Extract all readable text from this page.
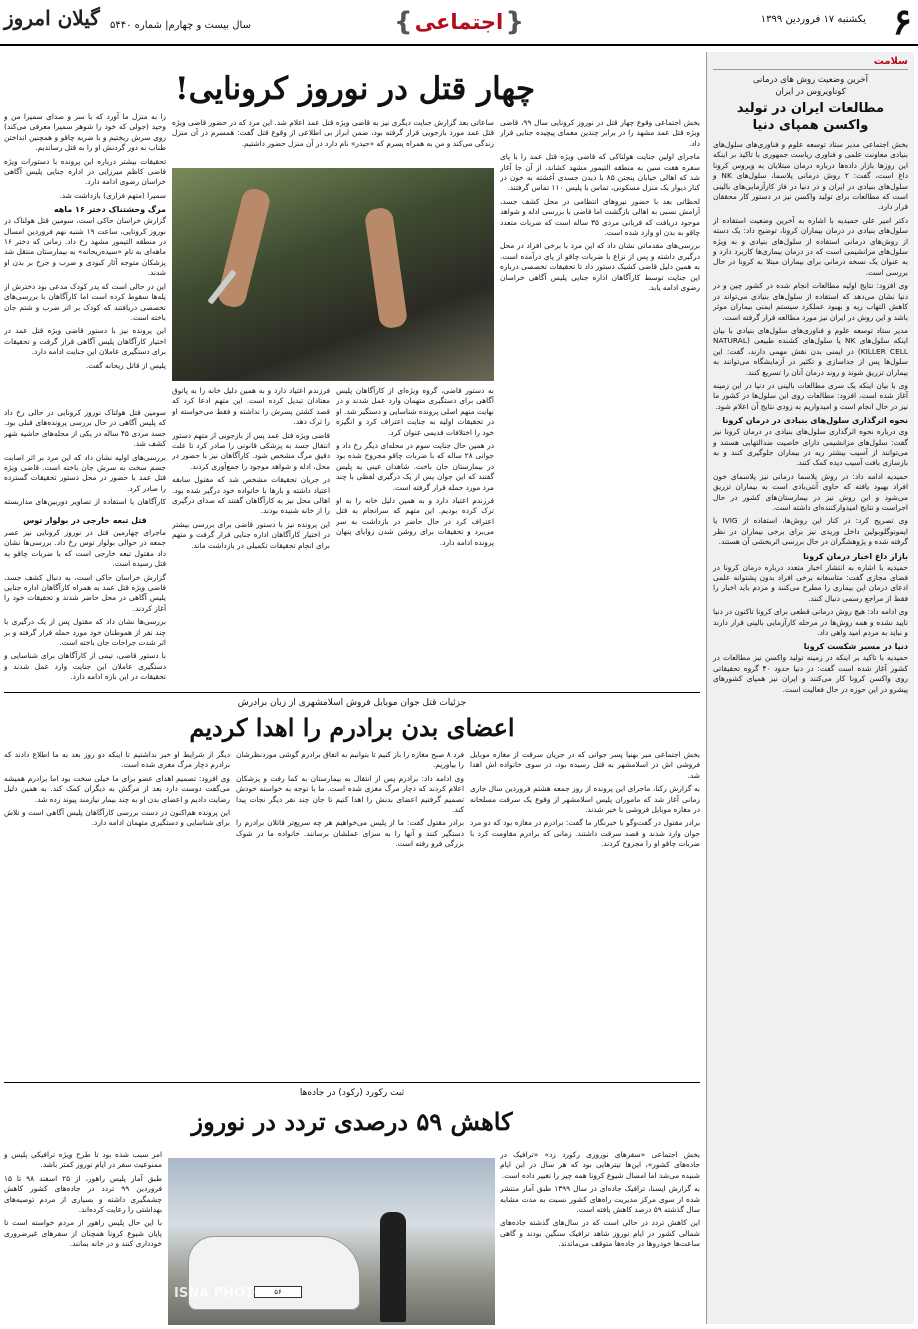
۶
یکشنبه ۱۷ فروردین ۱۳۹۹
{ اجتماعی }
سال بیست و چهارم| شماره ۵۴۴۰
گیلان امروز
سلامت
آخرین وضعیت روش های درمانی
کوناویروس در ایران
مطالعات ایران در تولید واکسن همپای دنیا

بخش اجتماعی مدیر ستاد توسعه علوم و فناوری‌های سلول‌های بنیادی معاونت علمی و فناوری ریاست جمهوری با تاکید بر اینکه این روزها بازار داده‌ها درباره درمان مبتلایان به ویروس کرونا داغ است، گفت: ۲ روش درمانی پلاسما، سلول‌های NK و سلول‌های بنیادی در ایران و در دنیا در فاز کارآزمایی‌های بالینی است که مطالعات برای تولید واکسن نیز در دستور کار محققان قرار دارد.

دکتر امیر علی حمیدیه با اشاره به آخرین وضعیت استفاده از سلول‌های بنیادی در درمان بیماران کرونا، توضیح داد: یک دسته از روش‌های درمانی استفاده از سلول‌های بنیادی و به ویژه سلول‌های مزانشیمی است که در درمان بیماری‌ها کاربرد دارد و به عنوان یک نسخه درمانی برای بیماران مبتلا به کرونا در حال بررسی است.

وی افزود: نتایج اولیه مطالعات انجام شده در کشور چین و در دنیا نشان می‌دهد که استفاده از سلول‌های بنیادی می‌تواند در کاهش التهاب ریه و بهبود عملکرد سیستم ایمنی بیماران موثر باشد و این روش در ایران نیز مورد مطالعه قرار گرفته است.

مدیر ستاد توسعه علوم و فناوری‌های سلول‌های بنیادی با بیان اینکه سلول‌های NK یا سلول‌های کشنده طبیعی (NATURAL KILLER CELL) در ایمنی بدن نقش مهمی دارند، گفت: این سلول‌ها پس از جداسازی و تکثیر در آزمایشگاه می‌توانند به بیماران تزریق شوند و روند درمان آنان را تسریع کنند.

وی با بیان اینکه یک سری مطالعات بالینی در دنیا در این زمینه آغاز شده است، افزود: مطالعات روی این سلول‌ها در کشور ما نیز در حال انجام است و امیدواریم به زودی نتایج آن اعلام شود.

نحوه اثرگذاری سلول‌های بنیادی در درمان کرونا

وی درباره نحوه اثرگذاری سلول‌های بنیادی در درمان کرونا نیز گفت: سلول‌های مزانشیمی دارای خاصیت ضدالتهابی هستند و می‌توانند از آسیب بیشتر ریه در بیماران جلوگیری کنند و به بازسازی بافت آسیب دیده کمک کنند.

حمیدیه ادامه داد: در روش پلاسما درمانی نیز پلاسمای خون افراد بهبود یافته که حاوی آنتی‌بادی است به بیماران تزریق می‌شود و این روش نیز در بیمارستان‌های کشور در حال اجراست و نتایج امیدوارکننده‌ای داشته است.

وی تصریح کرد: در کنار این روش‌ها، استفاده از IVIG یا ایمونوگلوبولین داخل وریدی نیز برای برخی بیماران در نظر گرفته شده و پژوهشگران در حال بررسی اثربخشی آن هستند.

بازار داغ اخبار درمان کرونا

حمیدیه با اشاره به انتشار اخبار متعدد درباره درمان کرونا در فضای مجازی گفت: متاسفانه برخی افراد بدون پشتوانه علمی ادعای درمان این بیماری را مطرح می‌کنند و مردم باید اخبار را فقط از مراجع رسمی دنبال کنند.

وی ادامه داد: هیچ روش درمانی قطعی برای کرونا تاکنون در دنیا تایید نشده و همه روش‌ها در مرحله کارآزمایی بالینی قرار دارند و نباید به مردم امید واهی داد.

دنیا در مسیر شکست کرونا

حمیدیه با تاکید بر اینکه در زمینه تولید واکسن نیز مطالعات در کشور آغاز شده است گفت: در دنیا حدود ۴۰ گروه تحقیقاتی روی واکسن کرونا کار می‌کنند و ایران نیز همپای کشورهای پیشرو در این حوزه در حال فعالیت است.

چهار قتل در نوروز کرونایی!

بخش اجتماعی وقوع چهار قتل در نوروز کرونایی سال ۹۹، قاضی ویژه قتل عمد مشهد را در برابر چندین معمای پیچیده جنایی قرار داد.

ماجرای اولین جنایت هولناکی که قاضی ویژه قتل عمد را با پای سفره هفت سین به منطقه التیمور مشهد کشاند، از آن جا آغاز شد که اهالی خیابان پنجتن ۸۵ با دیدن جسدی آغشته به خون در کنار دیوار یک منزل مسکونی، تماس با پلیس ۱۱۰ تماس گرفتند.

لحظاتی بعد با حضور نیروهای انتظامی در محل کشف جسد، آرامش نسبی به اهالی بازگشت اما قاضی با بررسی ادله و شواهد موجود دریافت که قربانی مردی ۳۵ ساله است که ضربات متعدد چاقو به بدن او وارد شده است.

بررسی‌های مقدماتی نشان داد که این مرد با برخی افراد در محل درگیری داشته و پس از نزاع با ضربات چاقو از پای درآمده است. به همین دلیل قاضی کشیک دستور داد تا تحقیقات تخصصی درباره این جنایت توسط کارآگاهان اداره جنایی پلیس آگاهی خراسان رضوی ادامه یابد.

ساعاتی بعد گزارش جنایت دیگری نیز به قاضی ویژه قتل عمد اعلام شد. این مرد که در حضور قاضی ویژه قتل عمد مورد بازجویی قرار گرفته بود، ضمن ابراز بی اطلاعی از وقوع قتل گفت: همسرم در آن منزل زندگی می‌کند و من به همراه پسرم که «حیدر» نام دارد در آن منزل حضور داشتیم.

به دستور قاضی، گروه ویژه‌ای از کارآگاهان پلیس آگاهی برای دستگیری متهمان وارد عمل شدند و در نهایت متهم اصلی پرونده شناسایی و دستگیر شد. او در تحقیقات اولیه به جنایت اعتراف کرد و انگیزه خود را اختلافات قدیمی عنوان کرد.

در همین حال جنایت سوم در محله‌ای دیگر رخ داد و جوانی ۲۸ ساله که با ضربات چاقو مجروح شده بود در بیمارستان جان باخت. شاهدان عینی به پلیس گفتند که این جوان پس از یک درگیری لفظی با چند مرد مورد حمله قرار گرفته است.

فرزندم اعتیاد دارد و به همین دلیل خانه را به او ترک کرده بودیم. این متهم که سرانجام به قتل اعتراف کرد در حال حاضر در بازداشت به سر می‌برد و تحقیقات برای روشن شدن زوایای پنهان پرونده ادامه دارد.

فرزندم اعتیاد دارد و به همین دلیل خانه را به پاتوق معتادان تبدیل کرده است. این متهم ادعا کرد که قصد کشتن پسرش را نداشته و فقط می‌خواسته او را ترک دهد.

قاضی ویژه قتل عمد پس از بازجویی از متهم دستور انتقال جسد به پزشکی قانونی را صادر کرد تا علت دقیق مرگ مشخص شود. کارآگاهان نیز با حضور در محل، ادله و شواهد موجود را جمع‌آوری کردند.

در جریان تحقیقات مشخص شد که مقتول سابقه اعتیاد داشته و بارها با خانواده خود درگیر شده بود. اهالی محل نیز به کارآگاهان گفتند که صدای درگیری را از خانه شنیده بودند.

این پرونده نیز با دستور قاضی برای بررسی بیشتر در اختیار کارآگاهان اداره جنایی قرار گرفت و متهم برای انجام تحقیقات تکمیلی در بازداشت ماند.

را به منزل ما آورد که با سر و صدای سمیرا من و وحید (جولی که خود را شوهر سمیرا معرفی می‌کند) روی سرش ریختیم و با ضربه چاقو و همچنین انداختن طناب به دور گردنش او را به قتل رساندیم.

تحقیقات بیشتر درباره این پرونده با دستورات ویژه قاضی کاظم میرزایی در اداره جنایی پلیس آگاهی خراسان رضوی ادامه دارد.

سمیرا (متهم فراری) بازداشت شد.

مرگ وحشتناک دختر ۱۶ ماهه

گزارش خراسان حاکی است، سومین قتل هولناک در نوروز کرونایی، ساعت ۱۹ شنبه نهم فروردین امسال در منطقه التیمور مشهد رخ داد. زمانی که دختر ۱۶ ماهه‌ای به نام «سیده‌ریحانه» به بیمارستان منتقل شد پزشکان متوجه آثار کبودی و ضرب و جرح بر بدن او شدند.

این در حالی است که پدر کودک مدعی بود دخترش از پله‌ها سقوط کرده است اما کارآگاهان با بررسی‌های تخصصی دریافتند که کودک بر اثر ضرب و شتم جان باخته است.

این پرونده نیز با دستور قاضی ویژه قتل عمد در اختیار کارآگاهان پلیس آگاهی قرار گرفت و تحقیقات برای دستگیری عاملان این جنایت ادامه دارد.

پلیس از قاتل ریحانه گفت.

سومین قتل هولناک نوروز کرونایی در حالی رخ داد که پلیس آگاهی در حال بررسی پرونده‌های قبلی بود. جسد مردی ۴۵ ساله در یکی از محله‌های حاشیه شهر کشف شد.

بررسی‌های اولیه نشان داد که این مرد بر اثر اصابت جسم سخت به سرش جان باخته است. قاضی ویژه قتل عمد با حضور در محل دستور تحقیقات گسترده را صادر کرد.

کارآگاهان با استفاده از تصاویر دوربین‌های مداربسته

قتل تبعه خارجی در بولوار توس

ماجرای چهارمین قتل در نوروز کرونایی نیز عصر جمعه در حوالی بولوار توس رخ داد. بررسی‌ها نشان داد مقتول تبعه خارجی است که با ضربات چاقو به قتل رسیده است.

گزارش خراسان حاکی است، به دنبال کشف جسد، قاضی ویژه قتل عمد به همراه کارآگاهان اداره جنایی پلیس آگاهی در محل حاضر شدند و تحقیقات خود را آغاز کردند.

بررسی‌ها نشان داد که مقتول پس از یک درگیری با چند نفر از هموطنان خود مورد حمله قرار گرفته و بر اثر شدت جراحات جان باخته است.

با دستور قاضی، تیمی از کارآگاهان برای شناسایی و دستگیری عاملان این جنایت وارد عمل شدند و تحقیقات در این باره ادامه دارد.

جزئیات قتل جوان موبایل فروش اسلامشهری از زبان برادرش
اعضای بدن برادرم را اهدا کردیم

بخش اجتماعی میر بهنیا پسر جوانی که در جریان سرقت از مغازه موبایل فروشی اش در اسلامشهر به قتل رسیده بود، در سوی خانواده اش اهدا شد.

به گزارش رکنا، ماجرای این پرونده از روز جمعه هشتم فروردین سال جاری زمانی آغاز شد که ماموران پلیس اسلامشهر از وقوع یک سرقت مسلحانه در مغازه موبایل فروشی با خبر شدند.

برادر مقتول در گفت‌وگو با خبرنگار ما گفت: برادرم در مغازه بود که دو مرد جوان وارد شدند و قصد سرقت داشتند. زمانی که برادرم مقاومت کرد با ضربات چاقو او را مجروح کردند.

فرد ۸ صبح مغازه را باز کنیم تا بتوانیم به اتفاق برادرم گوشی موردنظرشان را بیاوریم.

وی ادامه داد: برادرم پس از انتقال به بیمارستان به کما رفت و پزشکان اعلام کردند که دچار مرگ مغزی شده است. ما با توجه به خواسته خودش تصمیم گرفتیم اعضای بدنش را اهدا کنیم تا جان چند نفر دیگر نجات پیدا کند.

برادر مقتول گفت: ما از پلیس می‌خواهیم هر چه سریع‌تر قاتلان برادرم را دستگیر کنند و آنها را به سزای عملشان برسانند. خانواده ما در شوک بزرگی فرو رفته است.

دیگر از شرایط او خبر نداشتیم تا اینکه دو روز بعد به ما اطلاع دادند که برادرم دچار مرگ مغزی شده است.

وی افزود: تصمیم اهدای عضو برای ما خیلی سخت بود اما برادرم همیشه می‌گفت دوست دارد بعد از مرگش به دیگران کمک کند. به همین دلیل رضایت دادیم و اعضای بدن او به چند بیمار نیازمند پیوند زده شد.

این پرونده هم‌اکنون در دست بررسی کارآگاهان پلیس آگاهی است و تلاش برای شناسایی و دستگیری متهمان ادامه دارد.

ثبت رکورد (رکود) در جاده‌ها
کاهش ۵۹ درصدی تردد در نوروز

بخش اجتماعی «سفرهای نوروزی رکورد زد» «ترافیک در جاده‌های کشور»، این‌ها تیترهایی بود که هر سال در این ایام شنیده می‌شد اما امسال شیوع کرونا همه چیز را تغییر داده است.

به گزارش ایسنا، ترافیک جاده‌ای در سال ۱۳۹۹ طبق آمار منتشر شده از سوی مرکز مدیریت راه‌های کشور نسبت به مدت مشابه سال گذشته ۵۹ درصد کاهش یافته است.

این کاهش تردد در حالی است که در سال‌های گذشته جاده‌های شمالی کشور در ایام نوروز شاهد ترافیک سنگین بودند و گاهی ساعت‌ها خودروها در جاده‌ها متوقف می‌ماندند.

۵۶
ISNA PHOTO

امر سبب شده بود تا طرح ویژه ترافیکی پلیس و ممنوعیت سفر در ایام نوروز کمتر باشد.

طبق آمار پلیس راهور، از ۲۵ اسفند ۹۸ تا ۱۵ فروردین ۹۹ تردد در جاده‌های کشور کاهش چشمگیری داشته و بسیاری از مردم توصیه‌های بهداشتی را رعایت کرده‌اند.

با این حال پلیس راهور از مردم خواسته است تا پایان شیوع کرونا همچنان از سفرهای غیرضروری خودداری کنند و در خانه بمانند.
